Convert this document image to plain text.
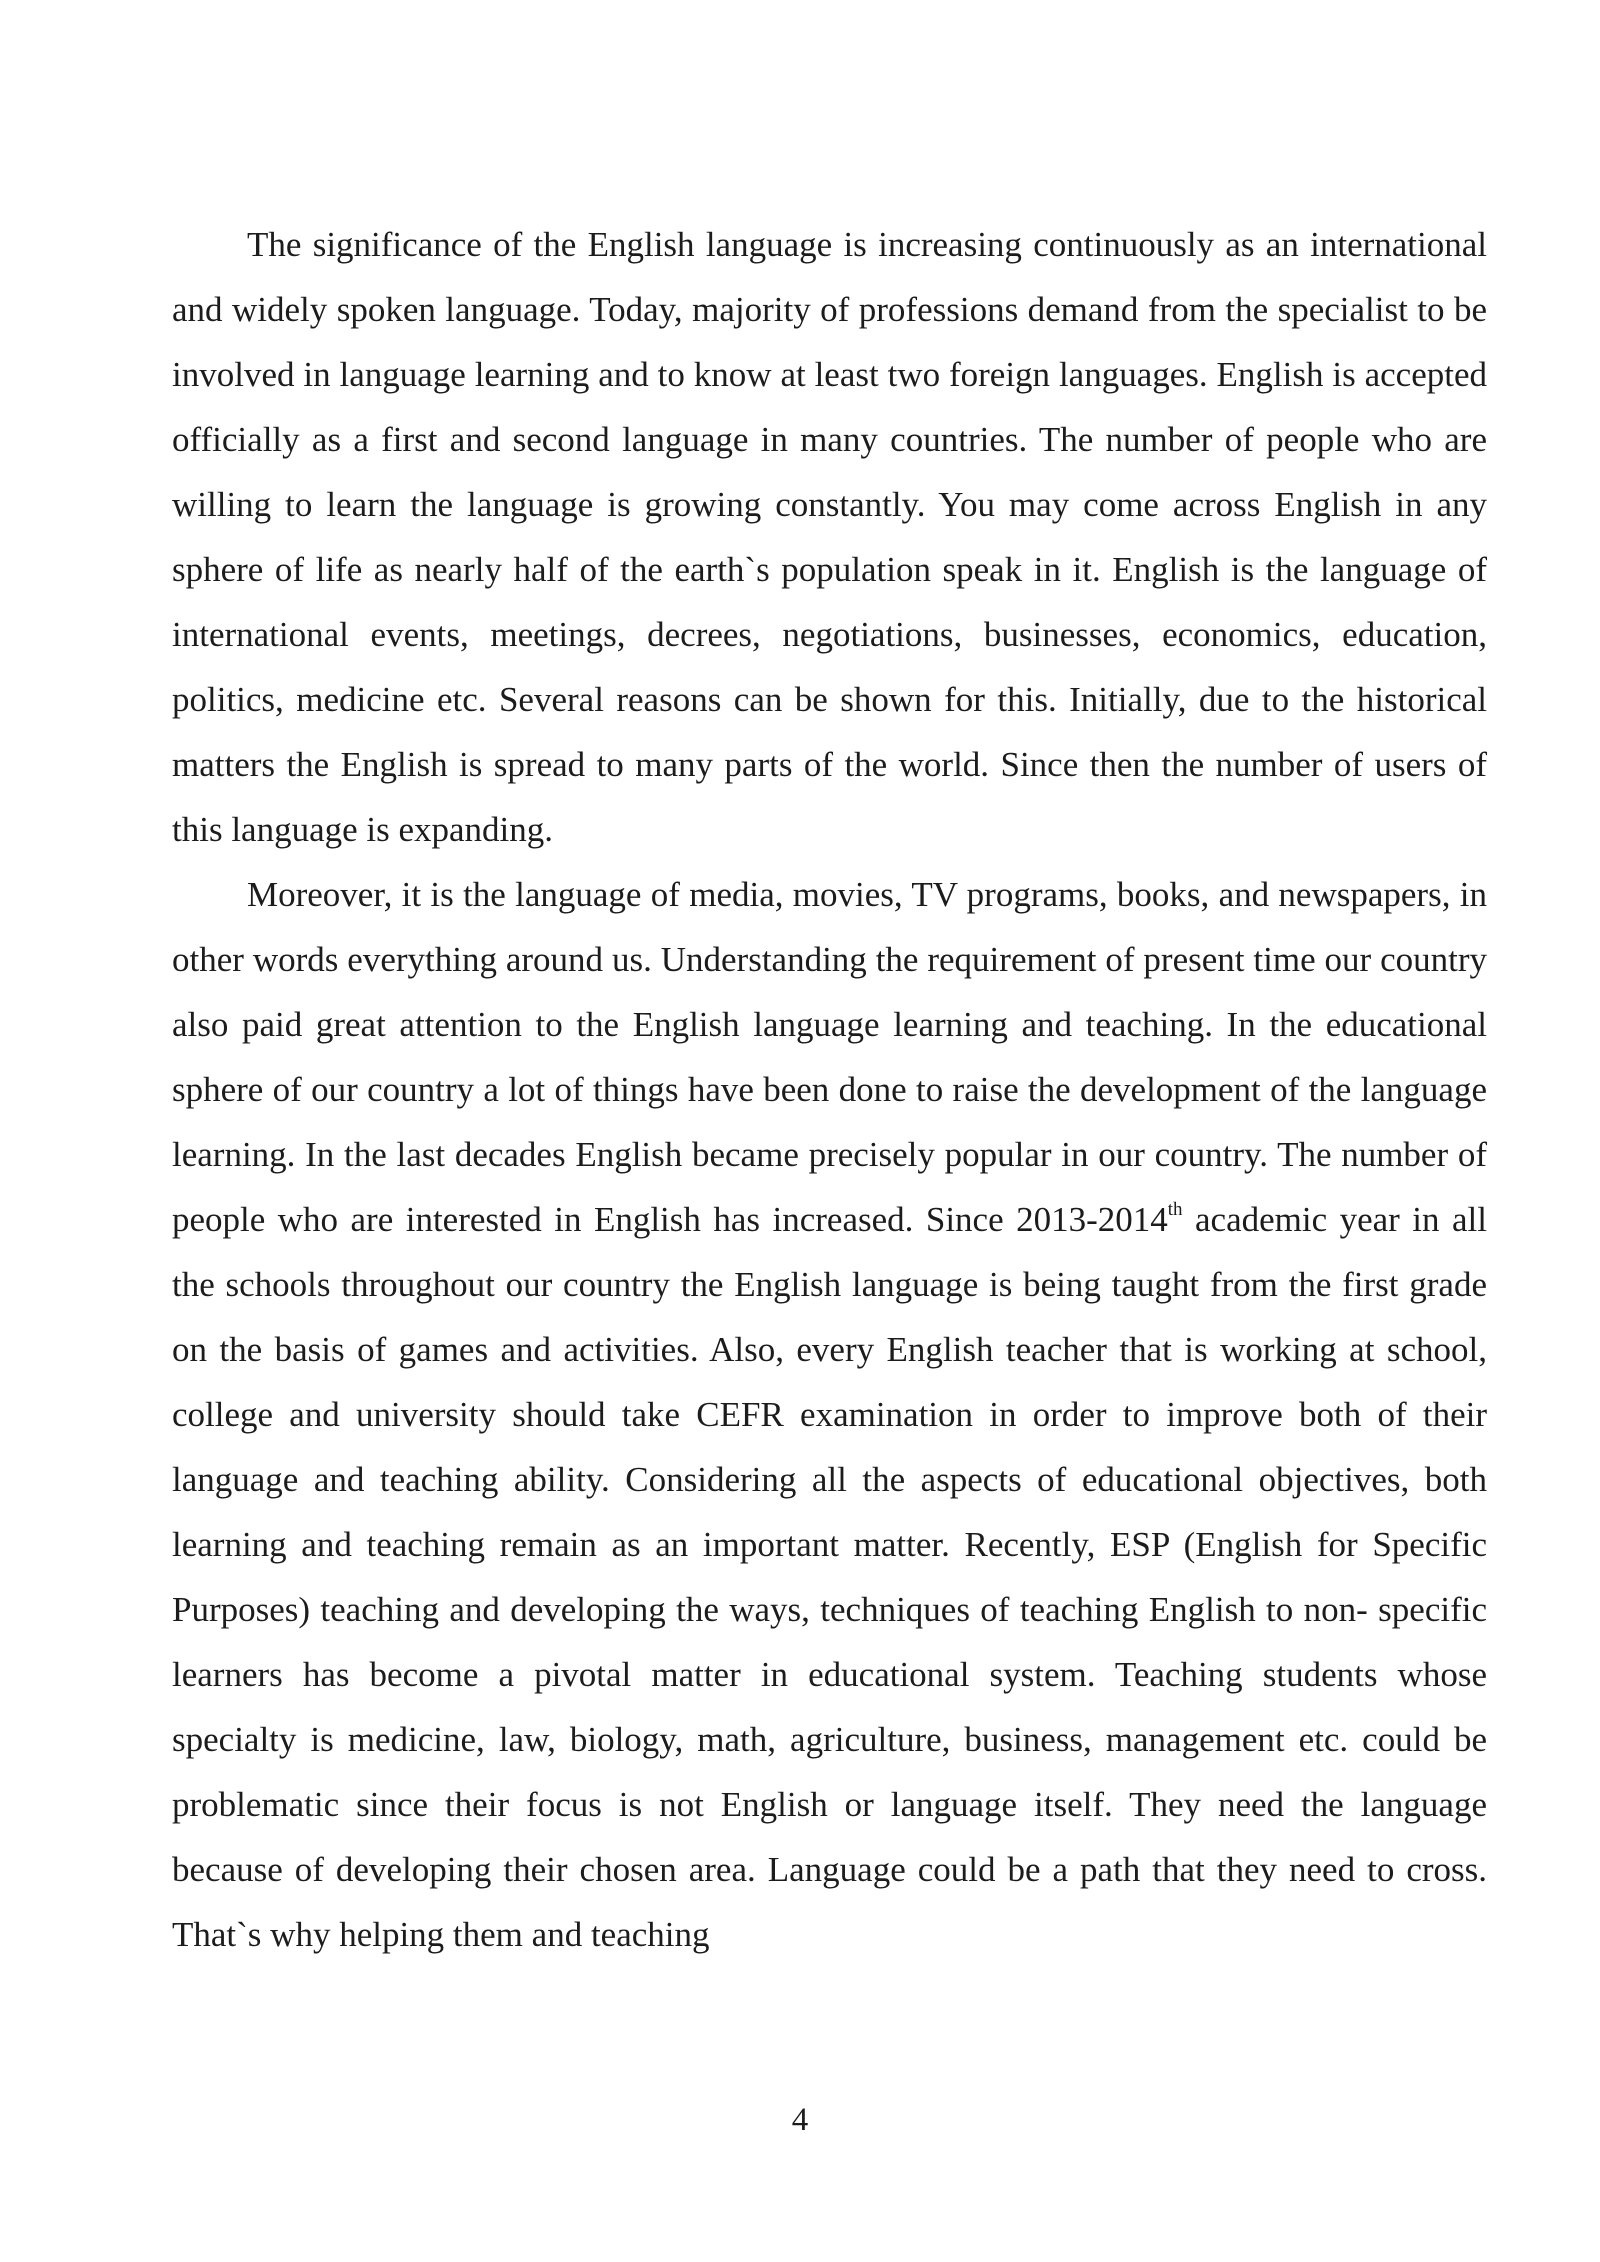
The significance of the English language is increasing continuously as an international and widely spoken language. Today, majority of professions demand from the specialist to be involved in language learning and to know at least two foreign languages. English is accepted officially as a first and second language in many countries. The number of people who are willing to learn the language is growing constantly. You may come across English in any sphere of life as nearly half of the earth`s population speak in it. English is the language of international events, meetings, decrees, negotiations, businesses, economics, education, politics, medicine etc. Several reasons can be shown for this. Initially, due to the historical matters the English is spread to many parts of the world. Since then the number of users of this language is expanding.

Moreover, it is the language of media, movies, TV programs, books, and newspapers, in other words everything around us. Understanding the requirement of present time our country also paid great attention to the English language learning and teaching. In the educational sphere of our country a lot of things have been done to raise the development of the language learning. In the last decades English became precisely popular in our country. The number of people who are interested in English has increased. Since 2013-2014th academic year in all the schools throughout our country the English language is being taught from the first grade on the basis of games and activities. Also, every English teacher that is working at school, college and university should take CEFR examination in order to improve both of their language and teaching ability. Considering all the aspects of educational objectives, both learning and teaching remain as an important matter. Recently, ESP (English for Specific Purposes) teaching and developing the ways, techniques of teaching English to non- specific learners has become a pivotal matter in educational system. Teaching students whose specialty is medicine, law, biology, math, agriculture, business, management etc. could be problematic since their focus is not English or language itself. They need the language because of developing their chosen area. Language could be a path that they need to cross. That`s why helping them and teaching

4
